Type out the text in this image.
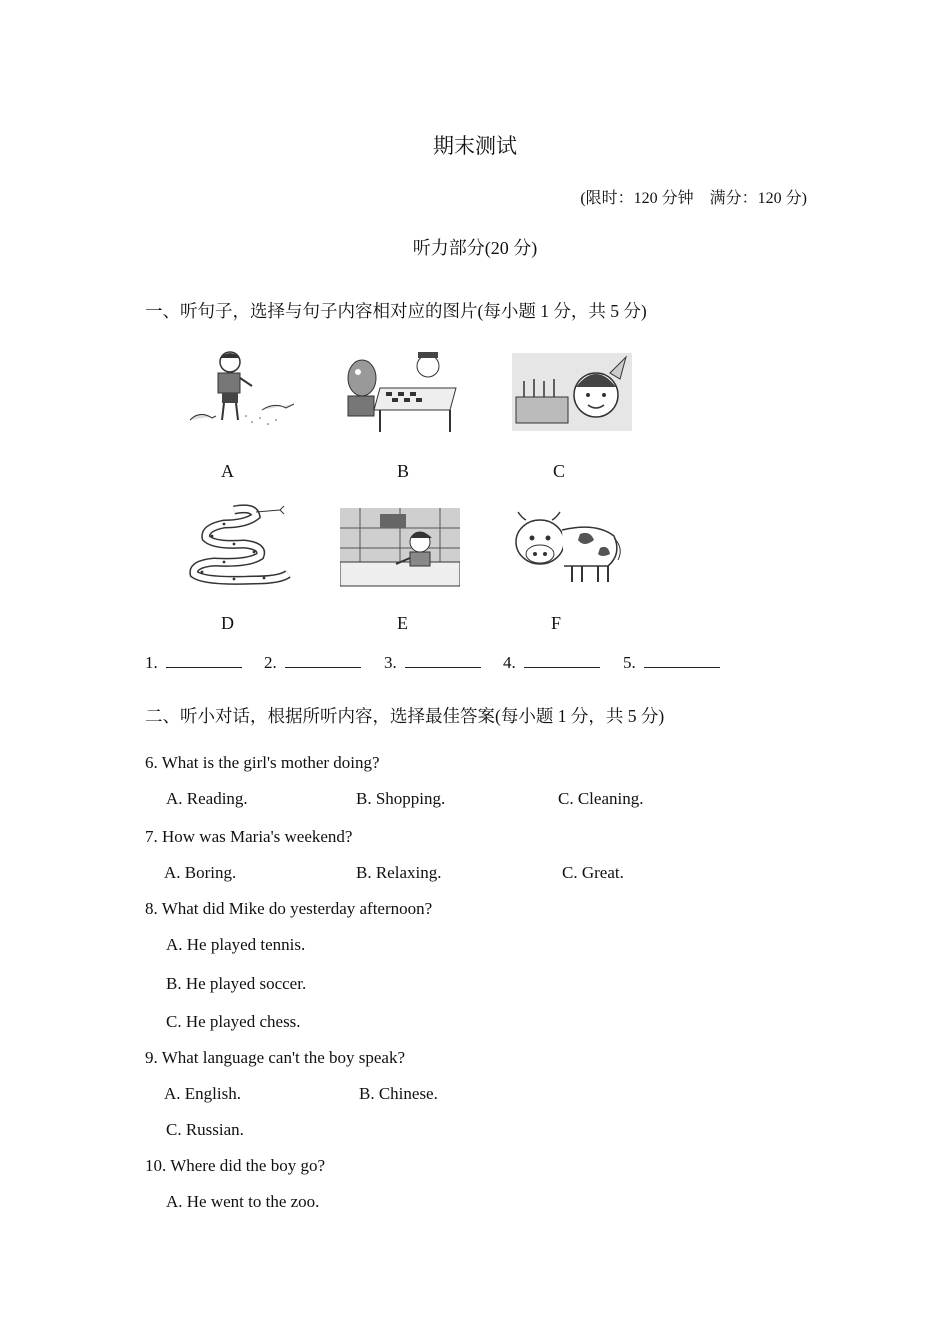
期末测试
(限时：120 分钟　满分：120 分)
听力部分(20 分)
一、听句子，选择与句子内容相对应的图片(每小题 1 分，共 5 分)
A	B	C
D	E	F
1.	2.	3.	4.	5.
二、听小对话，根据所听内容，选择最佳答案(每小题 1 分，共 5 分)
6. What is the girl's mother doing?
A. Reading.	B. Shopping.	C. Cleaning.
7. How was Maria's weekend?
A. Boring.	B. Relaxing.	C. Great.
8. What did Mike do yesterday afternoon?
A. He played tennis.
B. He played soccer.
C. He played chess.
9. What language can't the boy speak?
A. English.	B. Chinese.
C. Russian.
10. Where did the boy go?
A. He went to the zoo.
